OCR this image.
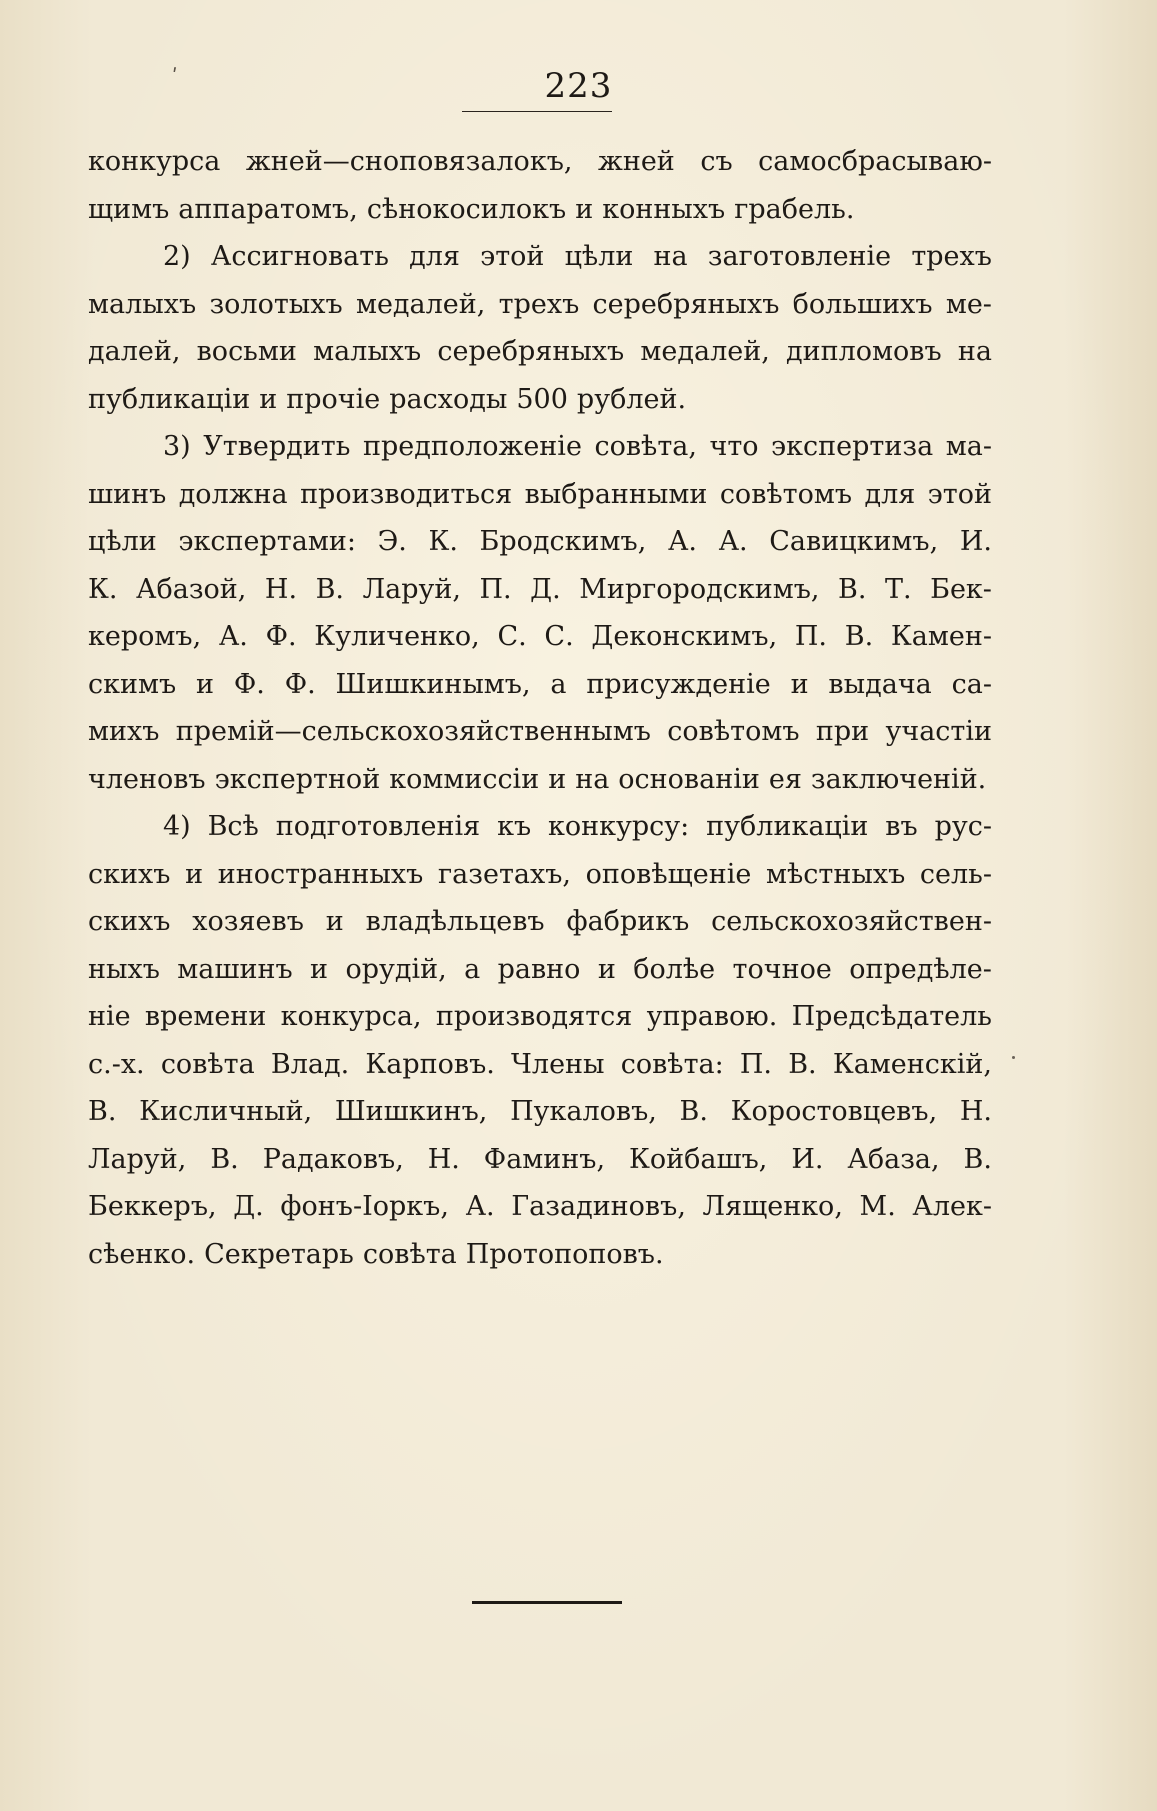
ʹ	223
конкурса жней—сноповязалокъ, жней съ самосбрасываю-
щимъ аппаратомъ, сѣнокосилокъ и конныхъ грабель.
2) Ассигновать для этой цѣли на заготовленіе трехъ
малыхъ золотыхъ медалей, трехъ серебряныхъ большихъ ме-
далей, восьми малыхъ серебряныхъ медалей, дипломовъ на
публикаціи и прочіе расходы 500 рублей.
3) Утвердить предположеніе совѣта, что экспертиза ма-
шинъ должна производиться выбранными совѣтомъ для этой
цѣли экспертами: Э. К. Бродскимъ, А. А. Савицкимъ, И.
К. Абазой, Н. В. Ларуй, П. Д. Миргородскимъ, В. Т. Бек-
керомъ, А. Ф. Куличенко, С. С. Деконскимъ, П. В. Камен-
скимъ и Ф. Ф. Шишкинымъ, а присужденіе и выдача са-
михъ премій—сельскохозяйственнымъ совѣтомъ при участіи
членовъ экспертной коммиссіи и на основаніи ея заключеній.
4) Всѣ подготовленія къ конкурсу: публикаціи въ рус-
скихъ и иностранныхъ газетахъ, оповѣщеніе мѣстныхъ сель-
скихъ хозяевъ и владѣльцевъ фабрикъ сельскохозяйствен-
ныхъ машинъ и орудій, а равно и болѣе точное опредѣле-
ніе времени конкурса, производятся управою. Предсѣдатель
с.-х. совѣта Влад. Карповъ. Члены совѣта: П. В. Каменскій,
В. Кисличный, Шишкинъ, Пукаловъ, В. Коростовцевъ, Н.
Ларуй, В. Радаковъ, Н. Фаминъ, Койбашъ, И. Абаза, В.
Беккеръ, Д. фонъ-Іоркъ, А. Газадиновъ, Лященко, М. Алек-
сѣенко. Секретарь совѣта Протопоповъ.
